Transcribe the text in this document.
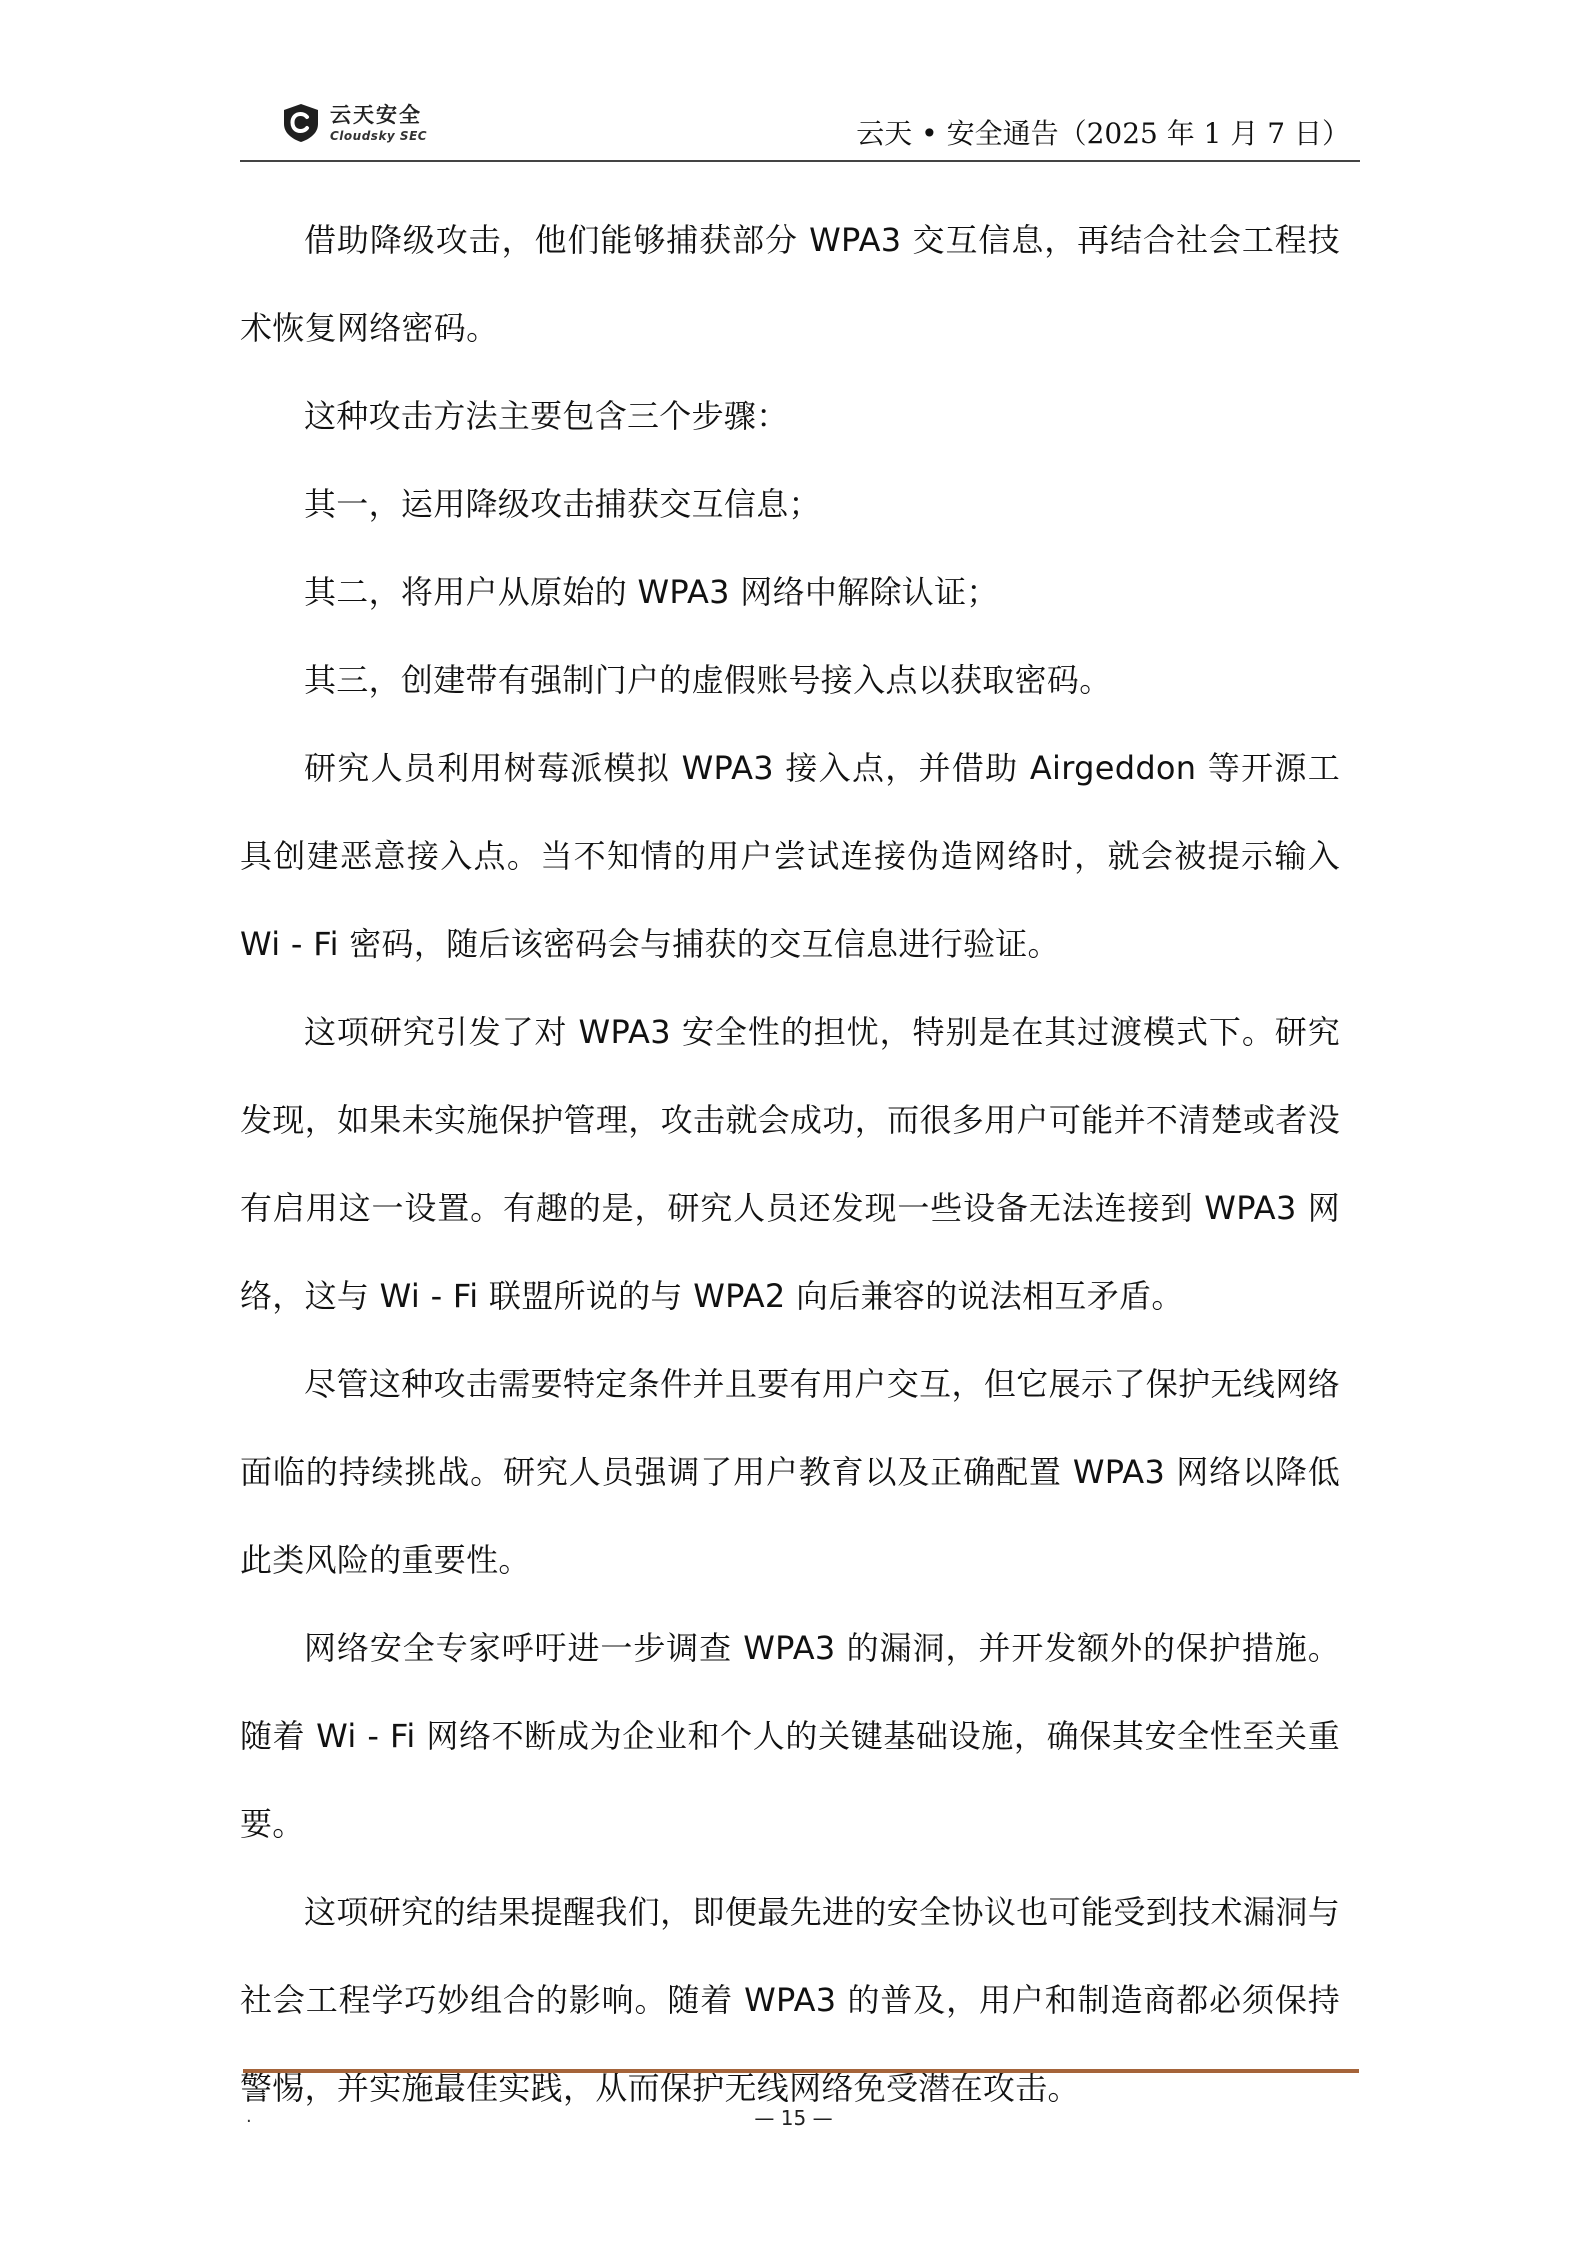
云天安全
Cloudsky SEC	云天 • 安全通告（2025 年 1 月 7 日）

借助降级攻击，他们能够捕获部分 WPA3 交互信息，再结合社会工程技术恢复网络密码。

这种攻击方法主要包含三个步骤：

其一，运用降级攻击捕获交互信息；

其二，将用户从原始的 WPA3 网络中解除认证；

其三，创建带有强制门户的虚假账号接入点以获取密码。

研究人员利用树莓派模拟 WPA3 接入点，并借助 Airgeddon 等开源工具创建恶意接入点。当不知情的用户尝试连接伪造网络时，就会被提示输入 Wi - Fi 密码，随后该密码会与捕获的交互信息进行验证。

这项研究引发了对 WPA3 安全性的担忧，特别是在其过渡模式下。研究发现，如果未实施保护管理，攻击就会成功，而很多用户可能并不清楚或者没有启用这一设置。有趣的是，研究人员还发现一些设备无法连接到 WPA3 网络，这与 Wi - Fi 联盟所说的与 WPA2 向后兼容的说法相互矛盾。

尽管这种攻击需要特定条件并且要有用户交互，但它展示了保护无线网络面临的持续挑战。研究人员强调了用户教育以及正确配置 WPA3 网络以降低此类风险的重要性。

网络安全专家呼吁进一步调查 WPA3 的漏洞，并开发额外的保护措施。随着 Wi - Fi 网络不断成为企业和个人的关键基础设施，确保其安全性至关重要。

这项研究的结果提醒我们，即便最先进的安全协议也可能受到技术漏洞与社会工程学巧妙组合的影响。随着 WPA3 的普及，用户和制造商都必须保持警惕，并实施最佳实践，从而保护无线网络免受潜在攻击。

.	— 15 —
